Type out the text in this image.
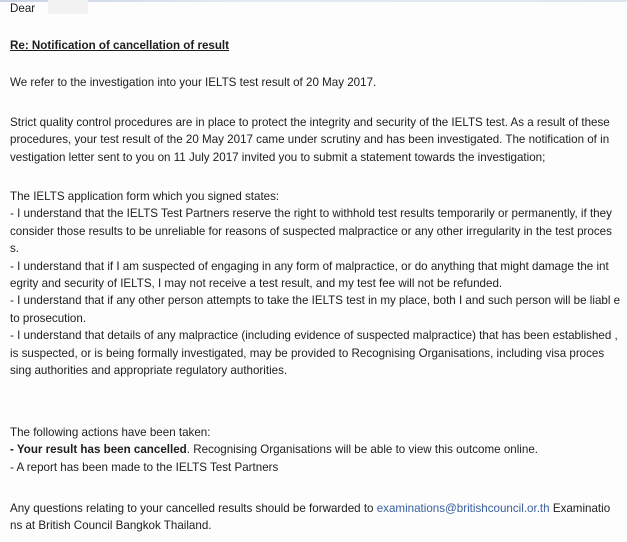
Dear

Re: Notification of cancellation of result

We refer to the investigation into your IELTS test result of 20 May 2017.

Strict quality control procedures are in place to protect the integrity and security of the IELTS test. As a result of these procedures, your test result of the 20 May 2017 came under scrutiny and has been investigated. The notification of in vestigation letter sent to you on 11 July 2017 invited you to submit a statement towards the investigation;

The IELTS application form which you signed states:
- I understand that the IELTS Test Partners reserve the right to withhold test results temporarily or permanently, if they consider those results to be unreliable for reasons of suspected malpractice or any other irregularity in the test proces s.
- I understand that if I am suspected of engaging in any form of malpractice, or do anything that might damage the int egrity and security of IELTS, I may not receive a test result, and my test fee will not be refunded.
- I understand that if any other person attempts to take the IELTS test in my place, both I and such person will be liabl e to prosecution.
- I understand that details of any malpractice (including evidence of suspected malpractice) that has been established , is suspected, or is being formally investigated, may be provided to Recognising Organisations, including visa proces sing authorities and appropriate regulatory authorities.
The following actions have been taken:
- Your result has been cancelled. Recognising Organisations will be able to view this outcome online.
- A report has been made to the IELTS Test Partners

Any questions relating to your cancelled results should be forwarded to examinations@britishcouncil.or.th Examinatio ns at British Council Bangkok Thailand.
